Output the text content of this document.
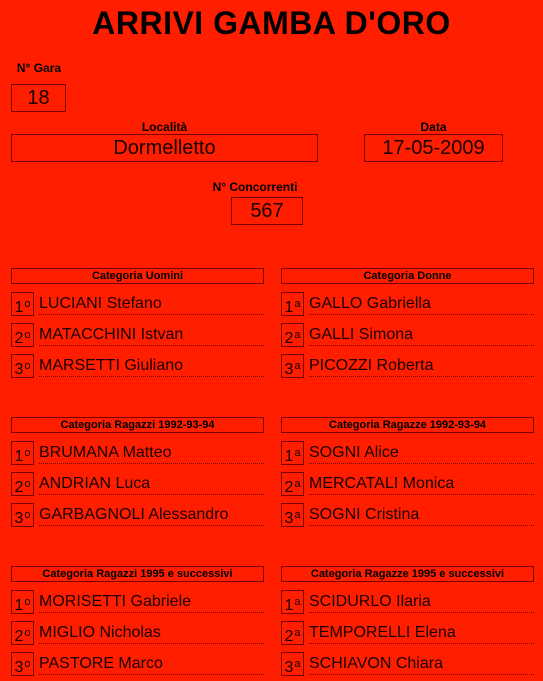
ARRIVI GAMBA D'ORO
N° Gara
18
Località
Dormelletto
Data
17-05-2009
N° Concorrenti
567
Categoria Uomini
1$^o$ LUCIANI Stefano
2$^o$ MATACCHINI Istvan
3$^o$ MARSETTI Giuliano
Categoria Donne
1$^a$ GALLO Gabriella
2$^a$ GALLI Simona
3$^a$ PICOZZI Roberta
Categoria Ragazzi 1992-93-94
1$^o$ BRUMANA Matteo
2$^o$ ANDRIAN Luca
3$^o$ GARBAGNOLI Alessandro
Categoria Ragazze 1992-93-94
1$^a$ SOGNI Alice
2$^a$ MERCATALI Monica
3$^a$ SOGNI Cristina
Categoria Ragazzi 1995 e successivi
1$^o$ MORISETTI Gabriele
2$^o$ MIGLIO Nicholas
3$^o$ PASTORE Marco
Categoria Ragazze 1995 e successivi
1$^a$ SCIDURLO Ilaria
2$^a$ TEMPORELLI Elena
3$^a$ SCHIAVON Chiara
